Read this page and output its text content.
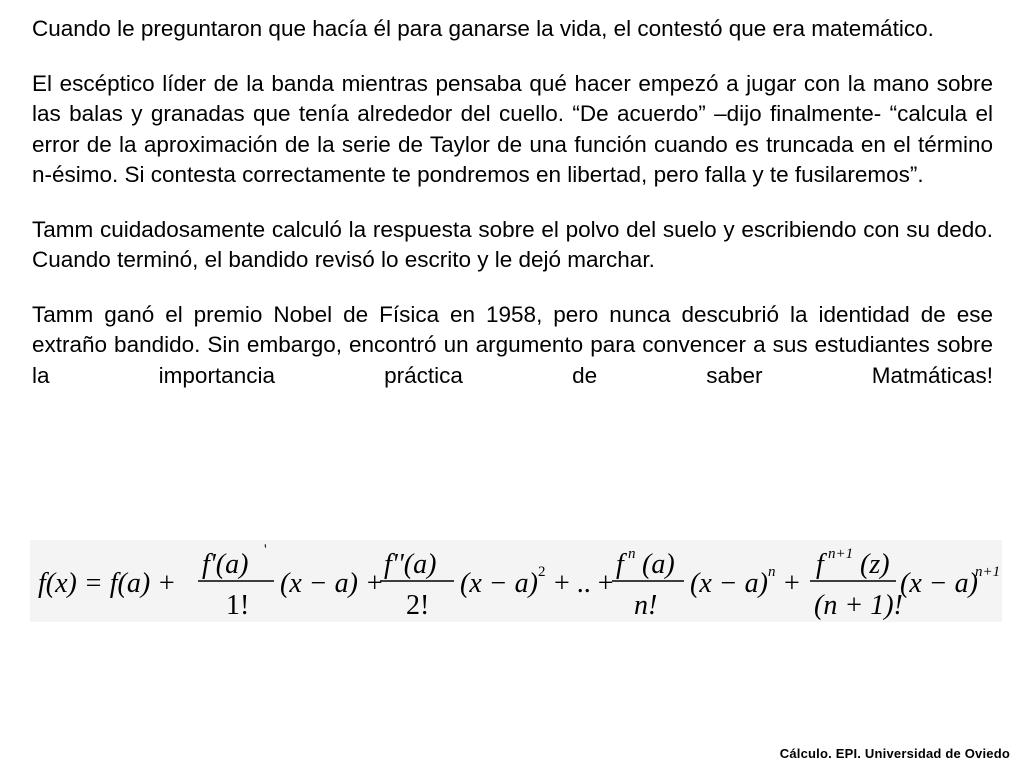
Cuando le preguntaron que hacía él para ganarse la vida, el contestó que era matemático.

El escéptico líder de la banda mientras pensaba qué hacer empezó a jugar con la mano sobre las balas y granadas que tenía alrededor del cuello. “De acuerdo” –dijo finalmente- “calcula el error de la aproximación de la serie de Taylor de una función cuando es truncada en el término n-ésimo. Si contesta correctamente te pondremos en libertad, pero falla y te fusilaremos”.

Tamm cuidadosamente calculó la respuesta sobre el polvo del suelo y escribiendo con su dedo. Cuando terminó, el bandido revisó lo escrito y le dejó marchar.

Tamm ganó el premio Nobel de Física en 1958, pero nunca descubrió la identidad de ese extraño bandido. Sin embargo, encontró un argumento para convencer a sus estudiantes sobre la importancia práctica de saber Matmáticas!

f(x) = f(a) +
f'(a) '
1!
(x − a) +
f''(a)
2!
(x − a) 2 + .. +
f n (a)
n!
(x − a) n +
f n+1 (z)
(n + 1)!
(x − a)
n+1
Cálculo. EPI. Universidad de Oviedo
